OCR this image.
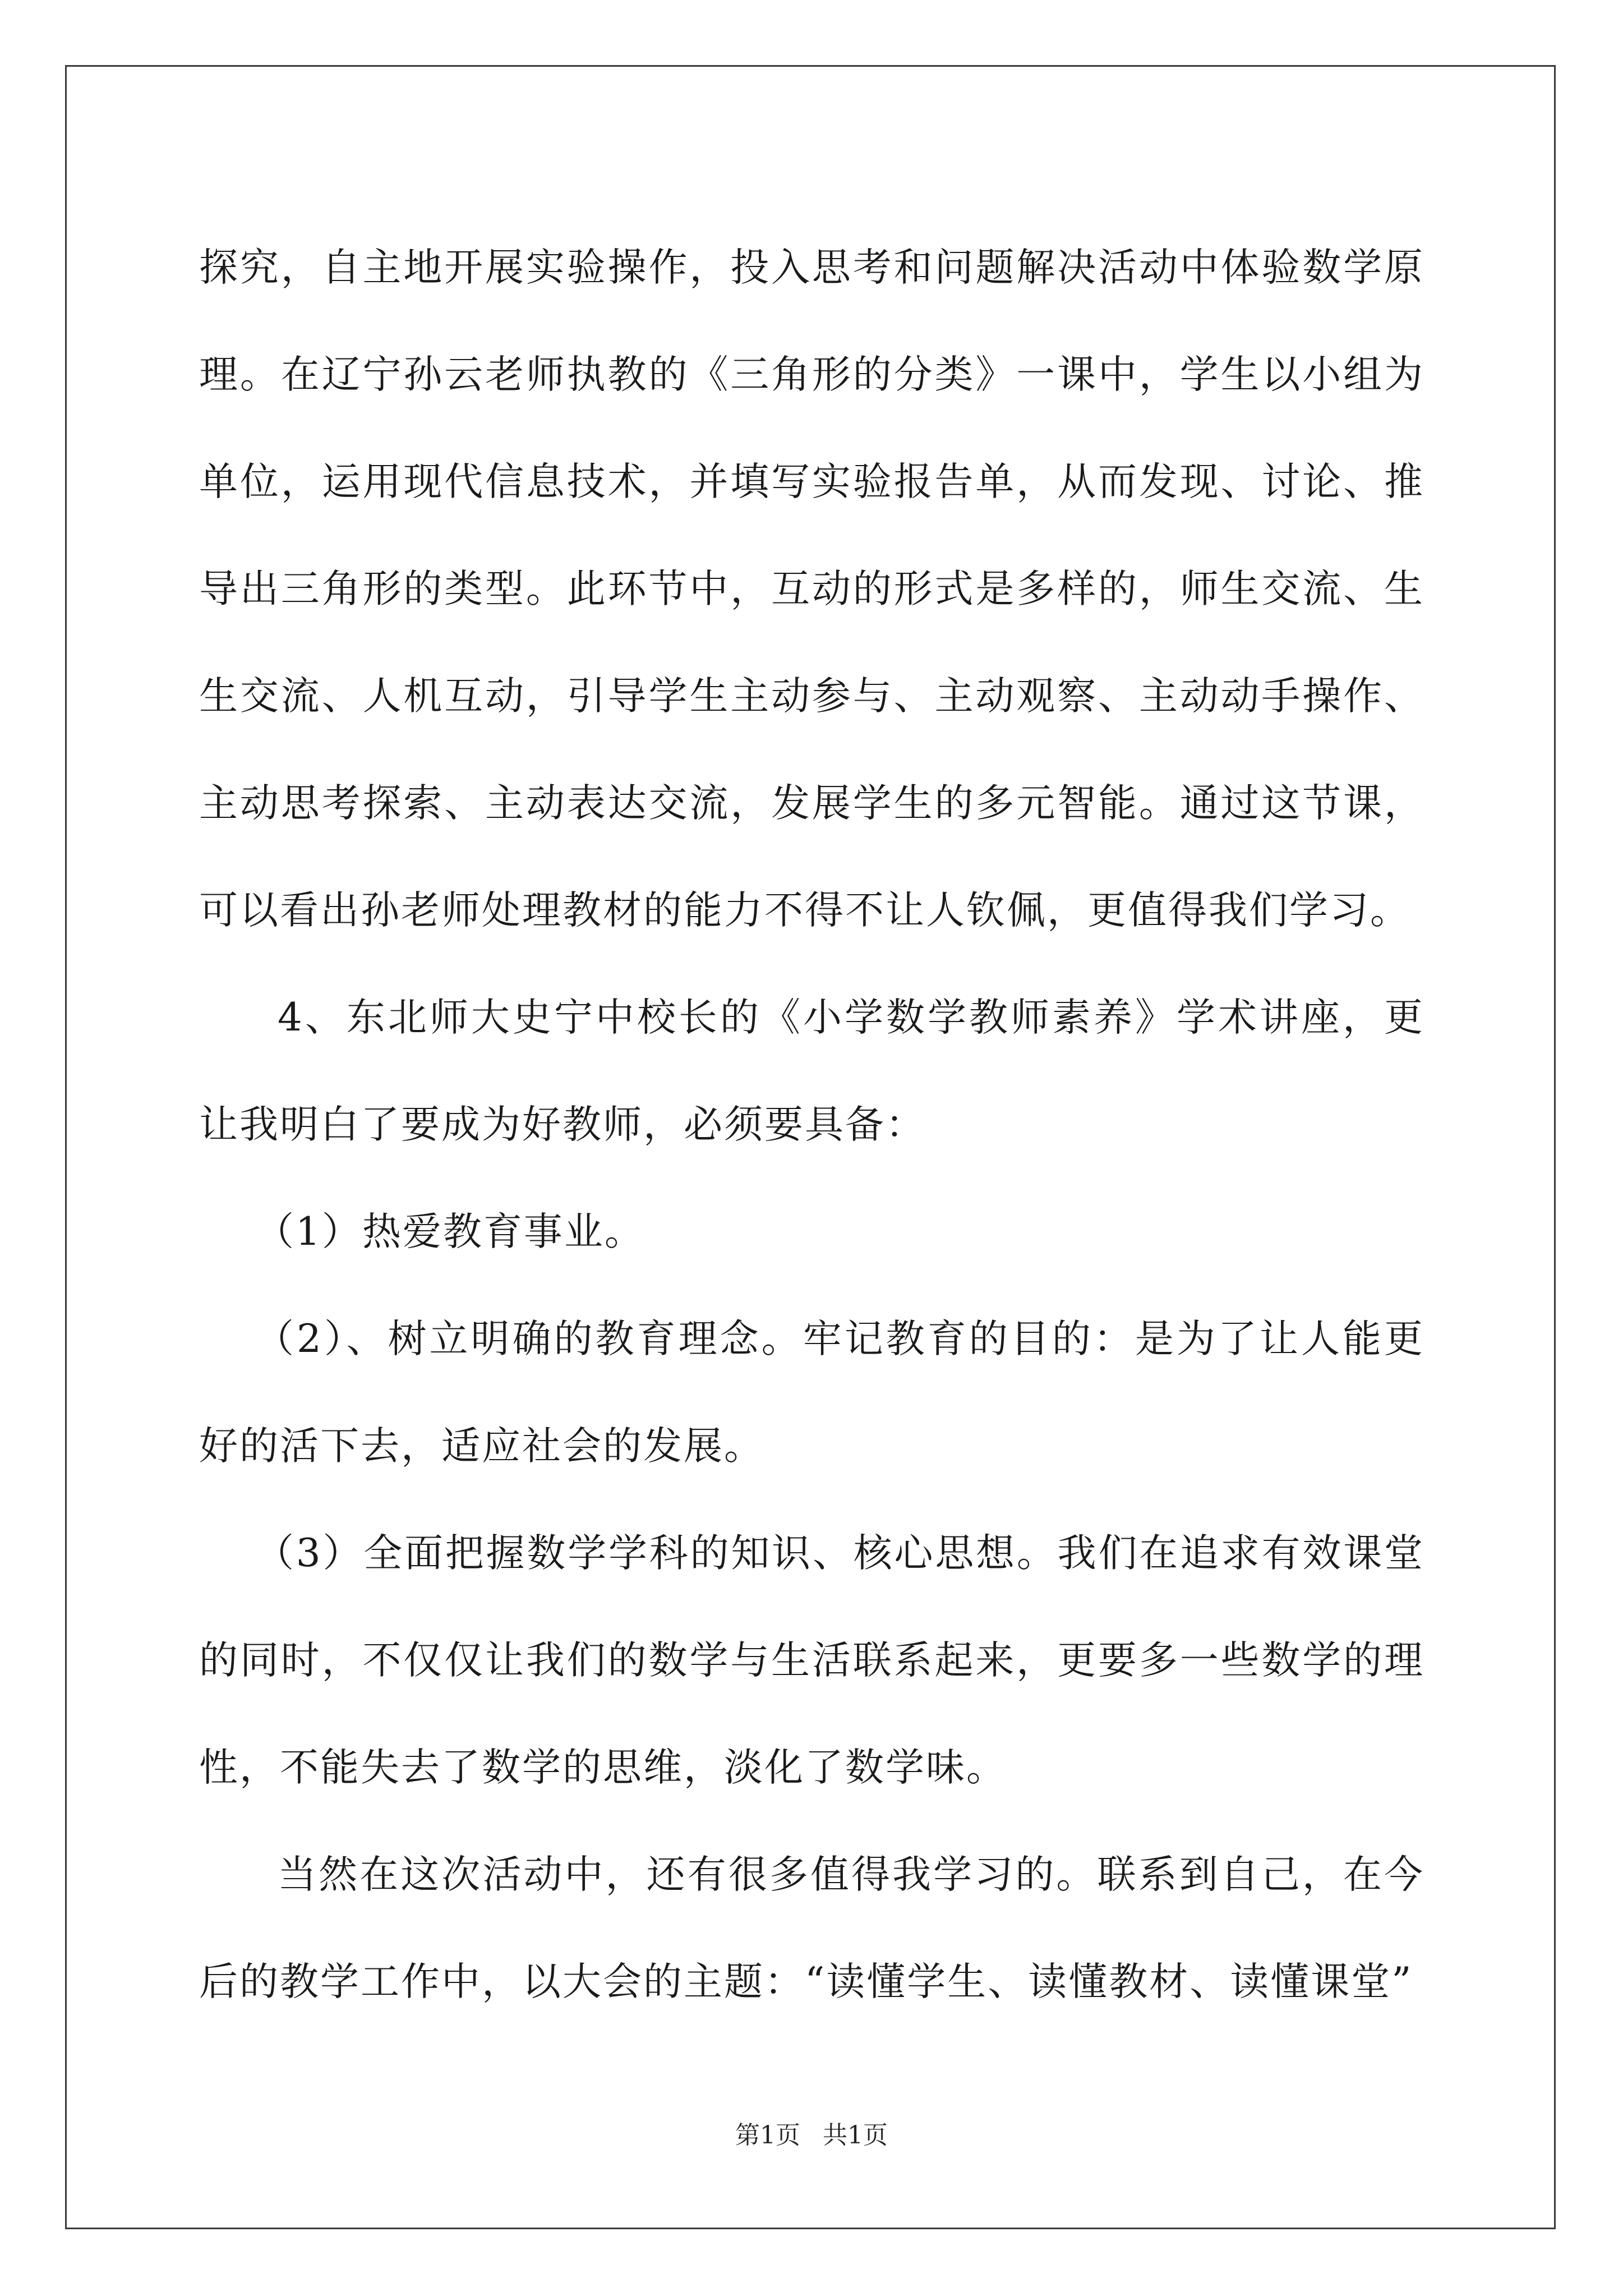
探究，自主地开展实验操作，投入思考和问题解决活动中体验数学原理。在辽宁孙云老师执教的《三角形的分类》一课中，学生以小组为单位，运用现代信息技术，并填写实验报告单，从而发现、讨论、推导出三角形的类型。此环节中，互动的形式是多样的，师生交流、生生交流、人机互动，引导学生主动参与、主动观察、主动动手操作、主动思考探索、主动表达交流，发展学生的多元智能。通过这节课，可以看出孙老师处理教材的能力不得不让人钦佩，更值得我们学习。

4、东北师大史宁中校长的《小学数学教师素养》学术讲座，更让我明白了要成为好教师，必须要具备：

（1）热爱教育事业。

（2）、树立明确的教育理念。牢记教育的目的：是为了让人能更好的活下去，适应社会的发展。

（3）全面把握数学学科的知识、核心思想。我们在追求有效课堂的同时，不仅仅让我们的数学与生活联系起来，更要多一些数学的理性，不能失去了数学的思维，淡化了数学味。

当然在这次活动中，还有很多值得我学习的。联系到自己，在今后的教学工作中，以大会的主题：“读懂学生、读懂教材、读懂课堂”

第1页 共1页
